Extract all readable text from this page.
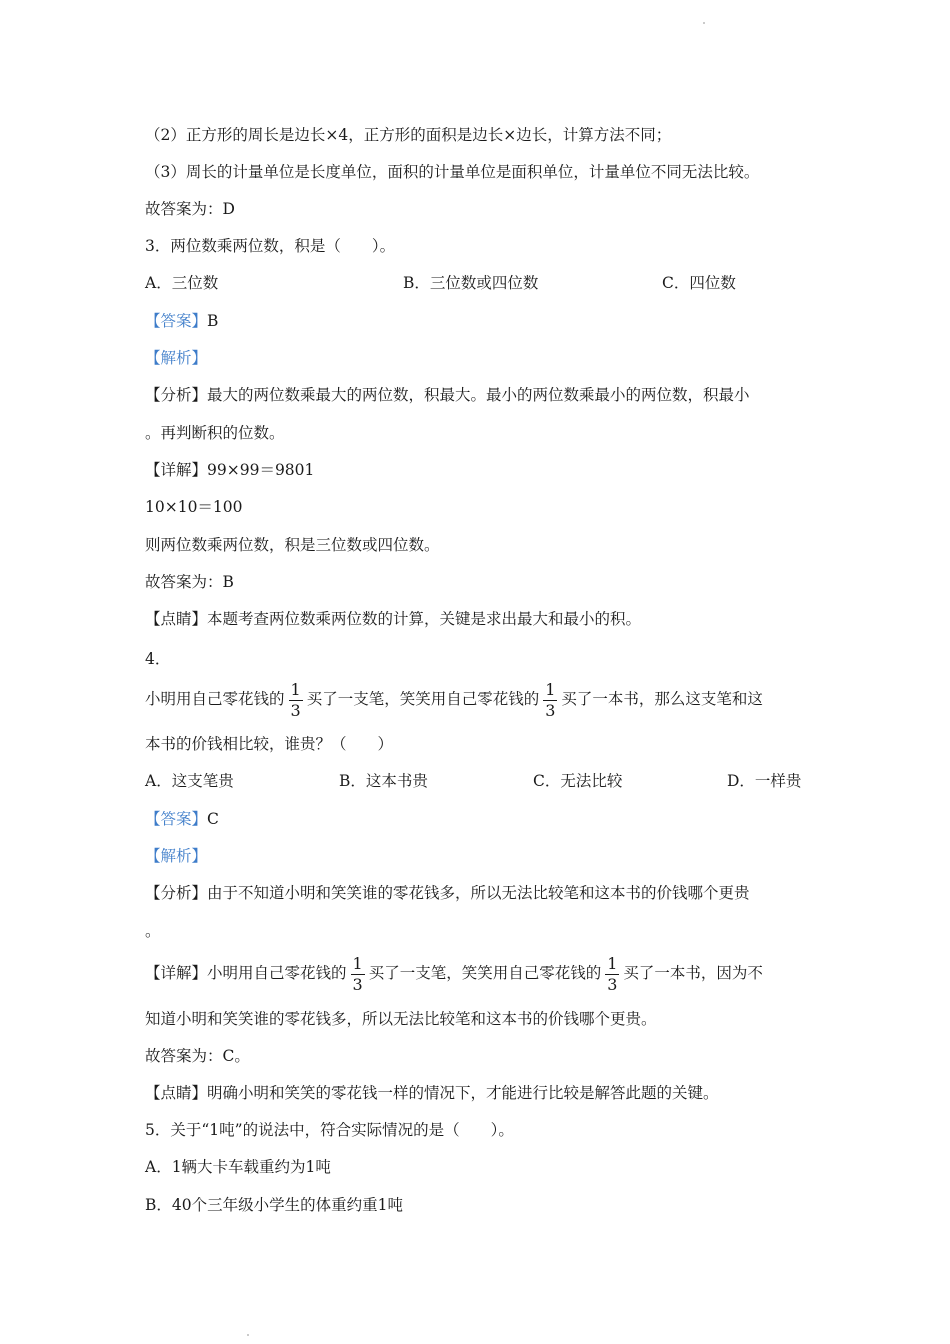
（2）正方形的周长是边长×4，正方形的面积是边长×边长，计算方法不同；
（3）周长的计量单位是长度单位，面积的计量单位是面积单位，计量单位不同无法比较。
故答案为：D
3．两位数乘两位数，积是（　　）。
A．三位数	B．三位数或四位数	C．四位数
【答案】B
【解析】
【分析】最大的两位数乘最大的两位数，积最大。最小的两位数乘最小的两位数，积最小
。再判断积的位数。
【详解】99×99＝9801
10×10＝100
则两位数乘两位数，积是三位数或四位数。
故答案为：B
【点睛】本题考查两位数乘两位数的计算，关键是求出最大和最小的积。
4．
小明用自己零花钱的 $\frac{1}{3}$ 买了一支笔，笑笑用自己零花钱的 $\frac{1}{3}$ 买了一本书，那么这支笔和这
本书的价钱相比较，谁贵？（　　）
A．这支笔贵	B．这本书贵	C．无法比较	D．一样贵
【答案】C
【解析】
【分析】由于不知道小明和笑笑谁的零花钱多，所以无法比较笔和这本书的价钱哪个更贵
。
【详解】小明用自己零花钱的 $\frac{1}{3}$ 买了一支笔，笑笑用自己零花钱的 $\frac{1}{3}$ 买了一本书，因为不
知道小明和笑笑谁的零花钱多，所以无法比较笔和这本书的价钱哪个更贵。
故答案为：C。
【点睛】明确小明和笑笑的零花钱一样的情况下，才能进行比较是解答此题的关键。
5．关于“1吨”的说法中，符合实际情况的是（　　）。
A．1辆大卡车载重约为1吨
B．40个三年级小学生的体重约重1吨
